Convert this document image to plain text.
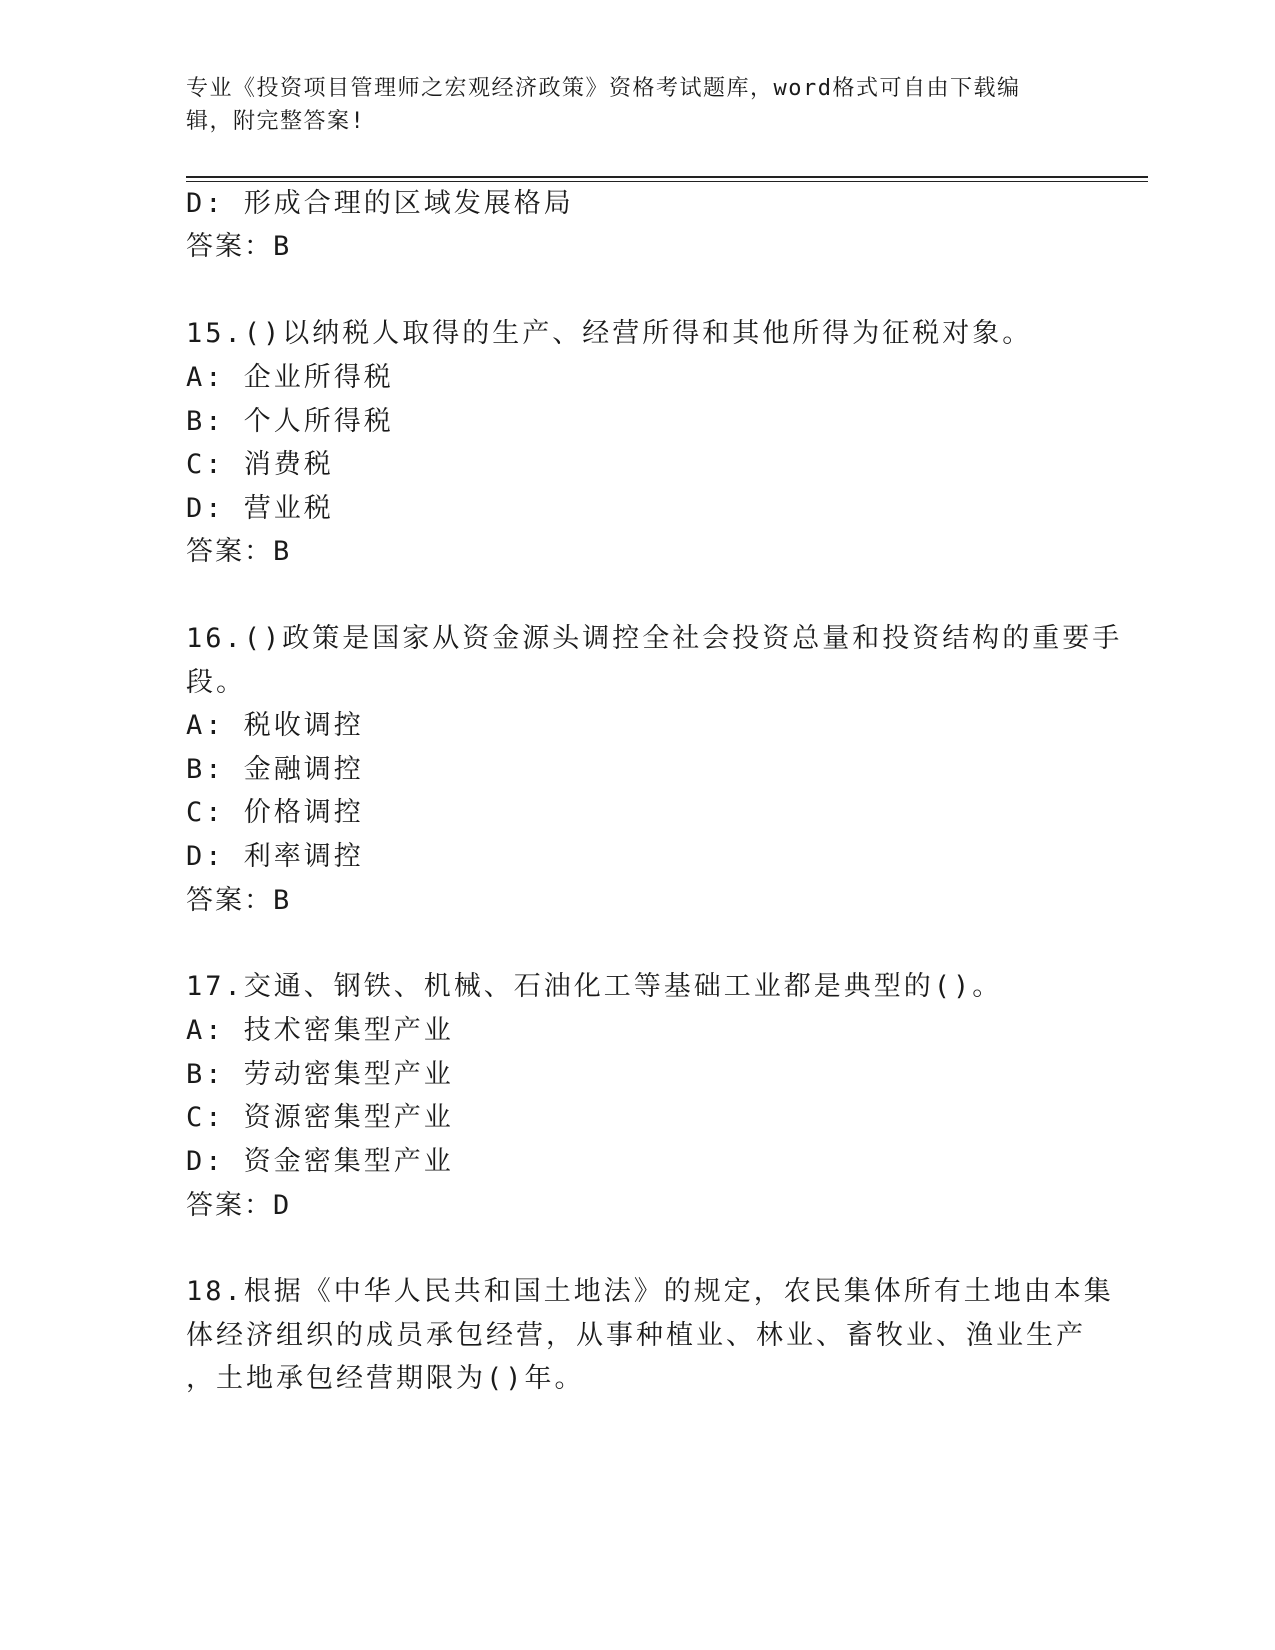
专业《投资项目管理师之宏观经济政策》资格考试题库，word格式可自由下载编
辑，附完整答案!
D: 形成合理的区域发展格局
答案：B
15.()以纳税人取得的生产、经营所得和其他所得为征税对象。
A: 企业所得税
B: 个人所得税
C: 消费税
D: 营业税
答案：B
16.()政策是国家从资金源头调控全社会投资总量和投资结构的重要手
段。
A: 税收调控
B: 金融调控
C: 价格调控
D: 利率调控
答案：B
17.交通、钢铁、机械、石油化工等基础工业都是典型的()。
A: 技术密集型产业
B: 劳动密集型产业
C: 资源密集型产业
D: 资金密集型产业
答案：D
18.根据《中华人民共和国土地法》的规定，农民集体所有土地由本集
体经济组织的成员承包经营，从事种植业、林业、畜牧业、渔业生产
，土地承包经营期限为()年。
